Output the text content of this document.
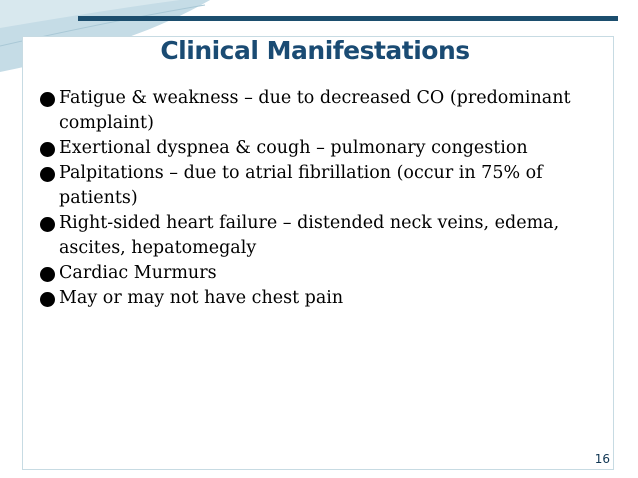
Clinical Manifestations
Fatigue & weakness – due to decreased CO (predominant complaint)
Exertional dyspnea & cough – pulmonary congestion
Palpitations – due to atrial fibrillation (occur in 75% of patients)
Right-sided heart failure – distended neck veins, edema, ascites, hepatomegaly
Cardiac Murmurs
May or may not have chest pain
16
